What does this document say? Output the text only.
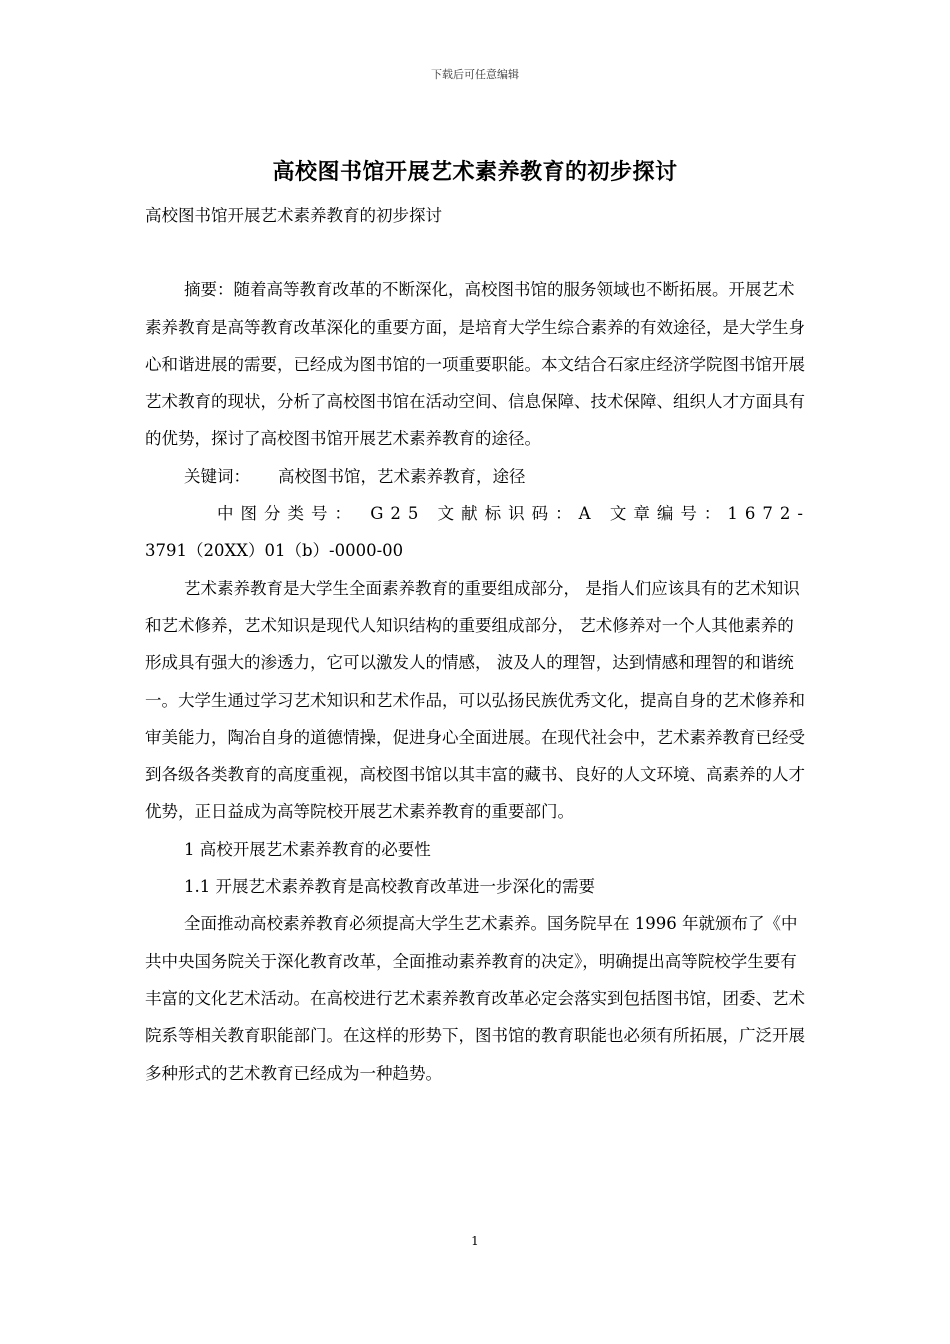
下载后可任意编辑
高校图书馆开展艺术素养教育的初步探讨

高校图书馆开展艺术素养教育的初步探讨

摘要：随着高等教育改革的不断深化，高校图书馆的服务领域也不断拓展。开展艺术素养教育是高等教育改革深化的重要方面，是培育大学生综合素养的有效途径，是大学生身心和谐进展的需要，已经成为图书馆的一项重要职能。本文结合石家庄经济学院图书馆开展艺术教育的现状，分析了高校图书馆在活动空间、信息保障、技术保障、组织人才方面具有的优势，探讨了高校图书馆开展艺术素养教育的途径。

关键词： 高校图书馆，艺术素养教育，途径

中图分类号： G25 文献标识码：A 文章编号：1672-

3791（20XX）01（b）-0000-00

艺术素养教育是大学生全面素养教育的重要组成部分， 是指人们应该具有的艺术知识和艺术修养，艺术知识是现代人知识结构的重要组成部分， 艺术修养对一个人其他素养的形成具有强大的渗透力，它可以激发人的情感， 波及人的理智，达到情感和理智的和谐统一。大学生通过学习艺术知识和艺术作品，可以弘扬民族优秀文化，提高自身的艺术修养和审美能力，陶冶自身的道德情操，促进身心全面进展。在现代社会中，艺术素养教育已经受到各级各类教育的高度重视，高校图书馆以其丰富的藏书、良好的人文环境、高素养的人才优势，正日益成为高等院校开展艺术素养教育的重要部门。

1 高校开展艺术素养教育的必要性

1.1 开展艺术素养教育是高校教育改革进一步深化的需要

全面推动高校素养教育必须提高大学生艺术素养。国务院早在 1996 年就颁布了《中共中央国务院关于深化教育改革，全面推动素养教育的决定》，明确提出高等院校学生要有丰富的文化艺术活动。在高校进行艺术素养教育改革必定会落实到包括图书馆，团委、艺术院系等相关教育职能部门。在这样的形势下，图书馆的教育职能也必须有所拓展，广泛开展多种形式的艺术教育已经成为一种趋势。

1
